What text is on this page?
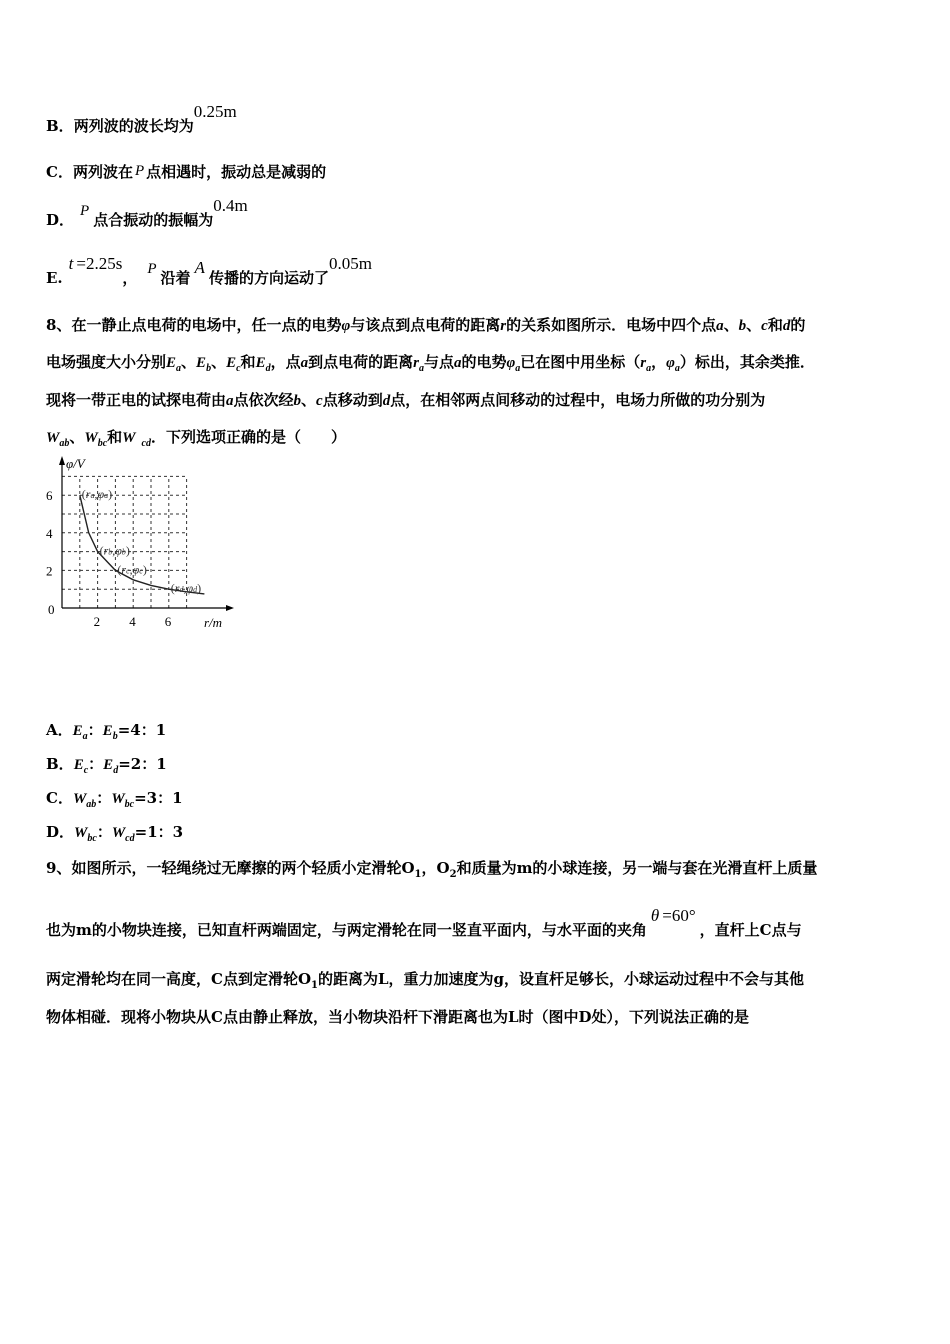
B．两列波的波长均为0.25m
C．两列波在 P 点相遇时，振动总是减弱的
D． P 点合振动的振幅为0.4m
E.t =2.25s， P 沿着A传播的方向运动了0.05m
8、在一静止点电荷的电场中，任一点的电势φ与该点到点电荷的距离r的关系如图所示．电场中四个点a、b、c和d的
电场强度大小分别$E_a$、$E_b$、$E_c$和$E_d$，点a到点电荷的距离$r_a$与点a的电势$\varphi_a$已在图中用坐标（$r_a$，$\varphi_a$）标出，其余类推．
现将一带正电的试探电荷由a点依次经b、c点移动到d点，在相邻两点间移动的过程中，电场力所做的功分别为
$W_{ab}$、$W_{bc}$和W $_{cd}$．下列选项正确的是（　　）
φ/V
r/m
0
2 4 6
6
4
2
(ra,φa)
(rb,φb)
(rc,φc)
(rd,φd)
A．$E_a$：$E_b=4$：1
B．$E_c$：$E_d=2$：1
C．$W_{ab}$：$W_{bc}=3$：1
D．$W_{bc}$：$W_{cd}=1$：3
9、如图所示，一轻绳绕过无摩擦的两个轻质小定滑轮$O_1$，$O_2$和质量为m的小球连接，另一端与套在光滑直杆上质量
也为m的小物块连接，已知直杆两端固定，与两定滑轮在同一竖直平面内，与水平面的夹角θ =60°，直杆上C点与
两定滑轮均在同一高度，C点到定滑轮$O_1$的距离为L，重力加速度为g，设直杆足够长，小球运动过程中不会与其他
物体相碰．现将小物块从C点由静止释放，当小物块沿杆下滑距离也为L时（图中D处），下列说法正确的是
